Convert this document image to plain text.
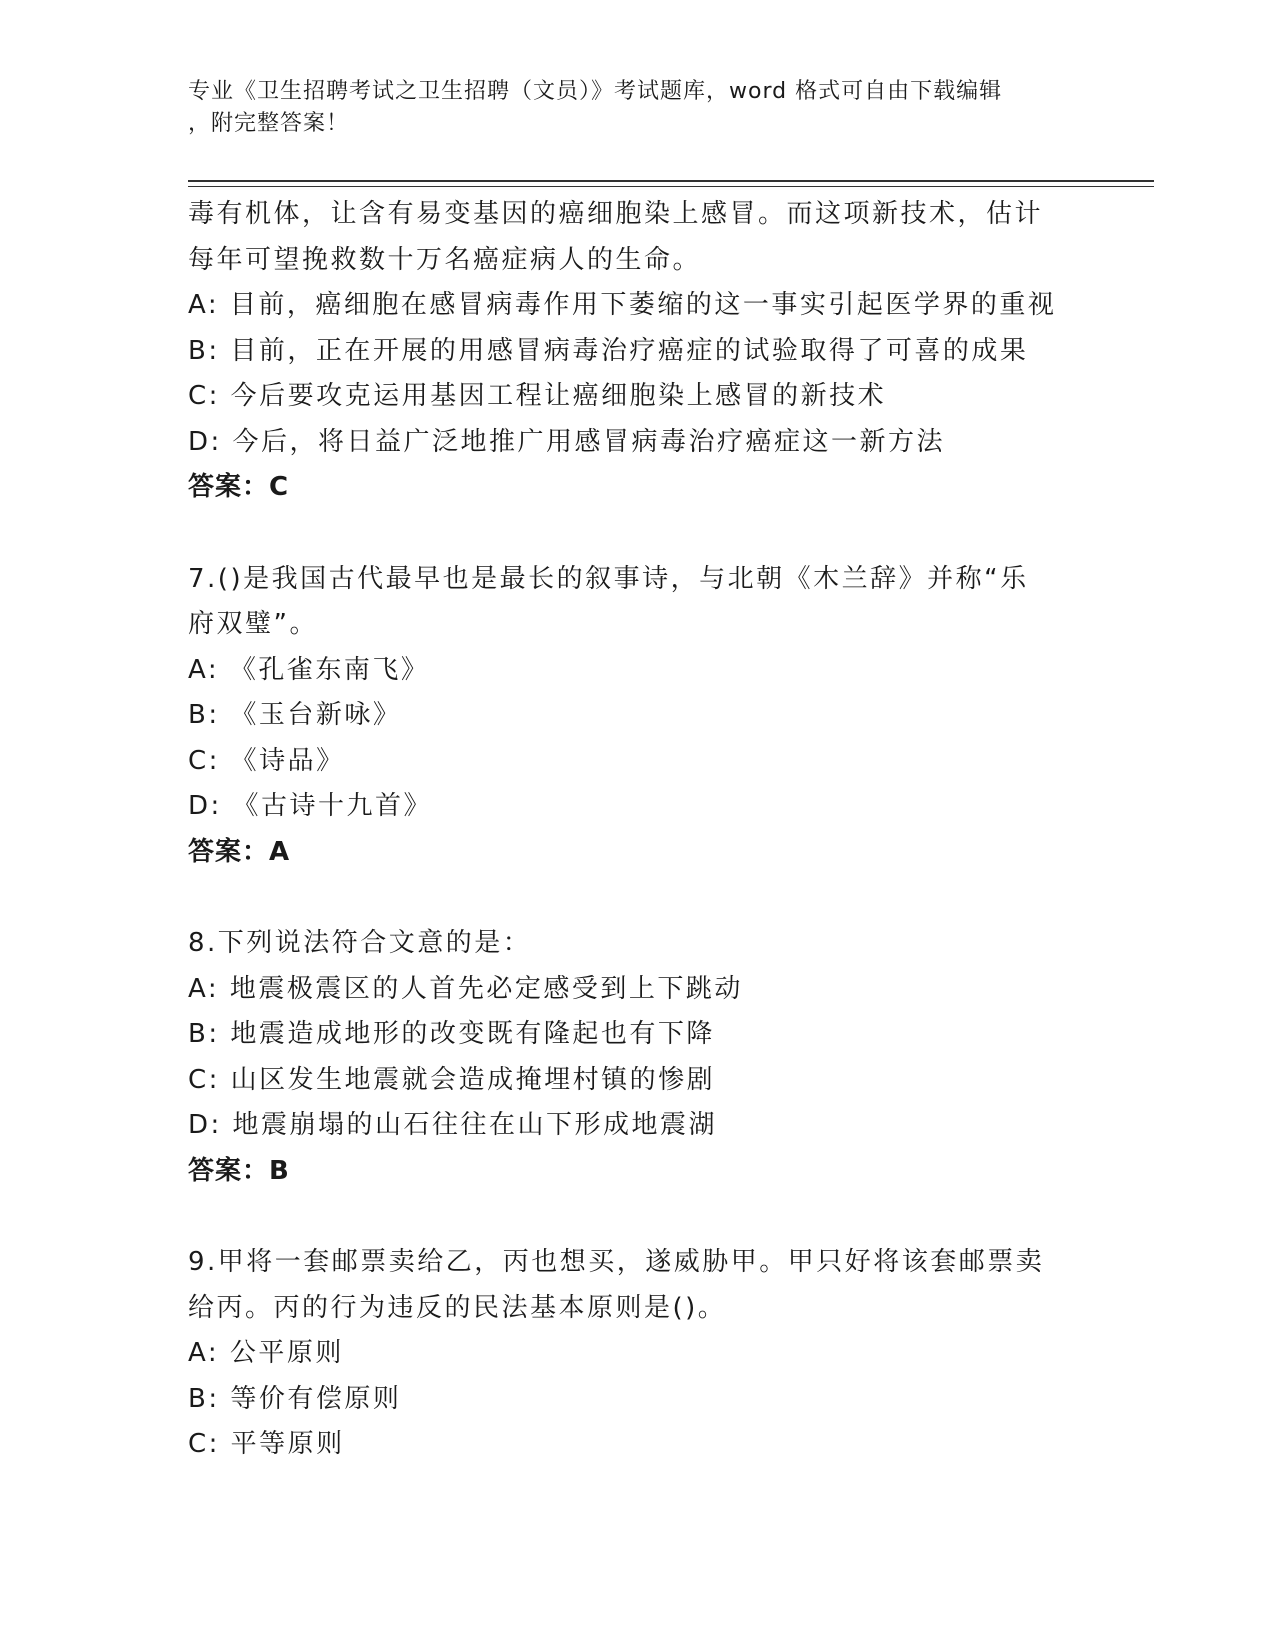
专业《卫生招聘考试之卫生招聘（文员）》考试题库，word 格式可自由下载编辑
，附完整答案！
毒有机体，让含有易变基因的癌细胞染上感冒。而这项新技术，估计
每年可望挽救数十万名癌症病人的生命。
A: 目前，癌细胞在感冒病毒作用下萎缩的这一事实引起医学界的重视
B: 目前，正在开展的用感冒病毒治疗癌症的试验取得了可喜的成果
C: 今后要攻克运用基因工程让癌细胞染上感冒的新技术
D: 今后，将日益广泛地推广用感冒病毒治疗癌症这一新方法
答案：C
7.()是我国古代最早也是最长的叙事诗，与北朝《木兰辞》并称“乐
府双璧”。
A: 《孔雀东南飞》
B: 《玉台新咏》
C: 《诗品》
D: 《古诗十九首》
答案：A
8.下列说法符合文意的是：
A: 地震极震区的人首先必定感受到上下跳动
B: 地震造成地形的改变既有隆起也有下降
C: 山区发生地震就会造成掩埋村镇的惨剧
D: 地震崩塌的山石往往在山下形成地震湖
答案：B
9.甲将一套邮票卖给乙，丙也想买，遂威胁甲。甲只好将该套邮票卖
给丙。丙的行为违反的民法基本原则是()。
A: 公平原则
B: 等价有偿原则
C: 平等原则
